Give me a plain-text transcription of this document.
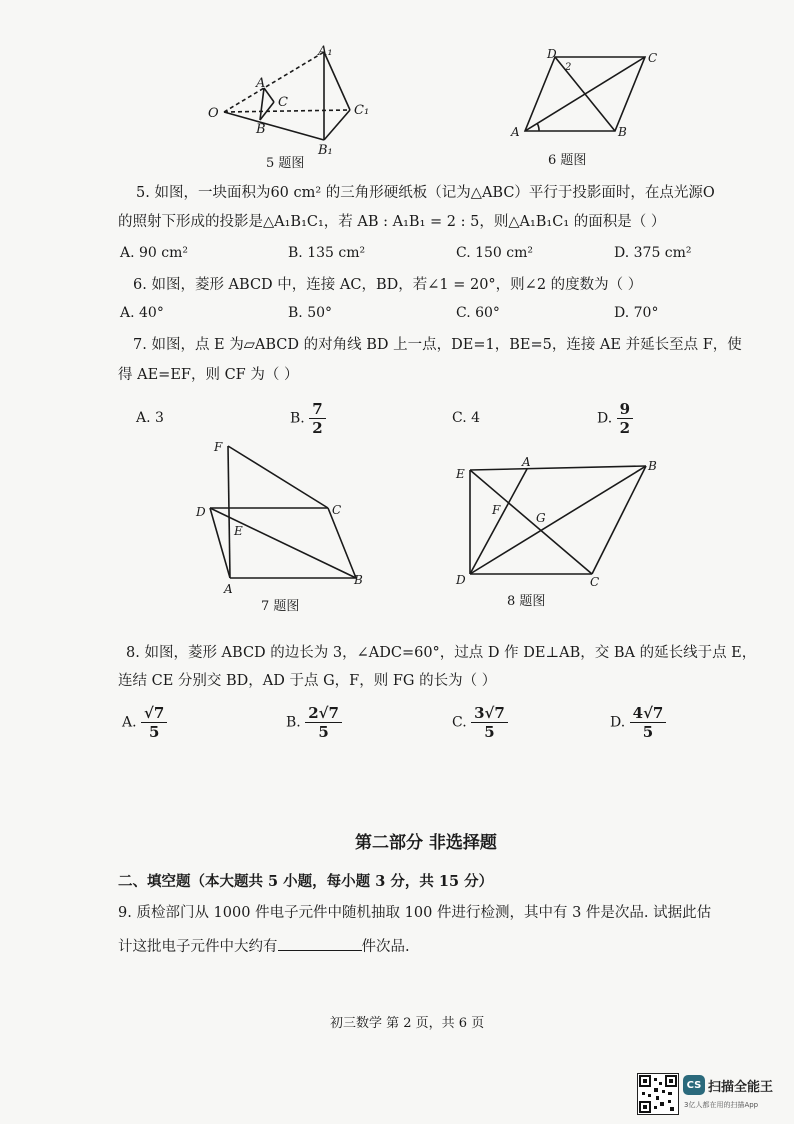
A₁
A
O
C
C₁
B
B₁
5 题图
D
2
C
A	B
6 题图
5. 如图，一块面积为60 cm² 的三角形硬纸板（记为△ABC）平行于投影面时，在点光源O
的照射下形成的投影是△A₁B₁C₁，若 AB : A₁B₁ = 2 : 5，则△A₁B₁C₁ 的面积是（ ）
A. 90 cm²	B. 135 cm²	C. 150 cm²	D. 375 cm²
6. 如图，菱形 ABCD 中，连接 AC，BD，若∠1 = 20°，则∠2 的度数为（ ）
A. 40°	B. 50°	C. 60°	D. 70°
7. 如图，点 E 为▱ABCD 的对角线 BD 上一点，DE=1，BE=5，连接 AE 并延长至点 F，使
得 AE=EF，则 CF 为（ ）
A. 3	B. $\frac{7}{2}$	C. 4	D. $\frac{9}{2}$
F
D	C
E
A
B
7 题图
E
A	B
F
G
D	C
8 题图
8. 如图，菱形 ABCD 的边长为 3，∠ADC=60°，过点 D 作 DE⊥AB，交 BA 的延长线于点 E，
连结 CE 分别交 BD，AD 于点 G，F，则 FG 的长为（ ）
A. $\frac{√7}{5}$	B. $\frac{2√7}{5}$	C. $\frac{3√7}{5}$	D. $\frac{4√7}{5}$
第二部分 非选择题
二、填空题（本大题共 5 小题，每小题 3 分，共 15 分）
9. 质检部门从 1000 件电子元件中随机抽取 100 件进行检测，其中有 3 件是次品. 试据此估
计这批电子元件中大约有	件次品.
初三数学 第 2 页，共 6 页
CS 扫描全能王
3亿人都在用的扫描App
